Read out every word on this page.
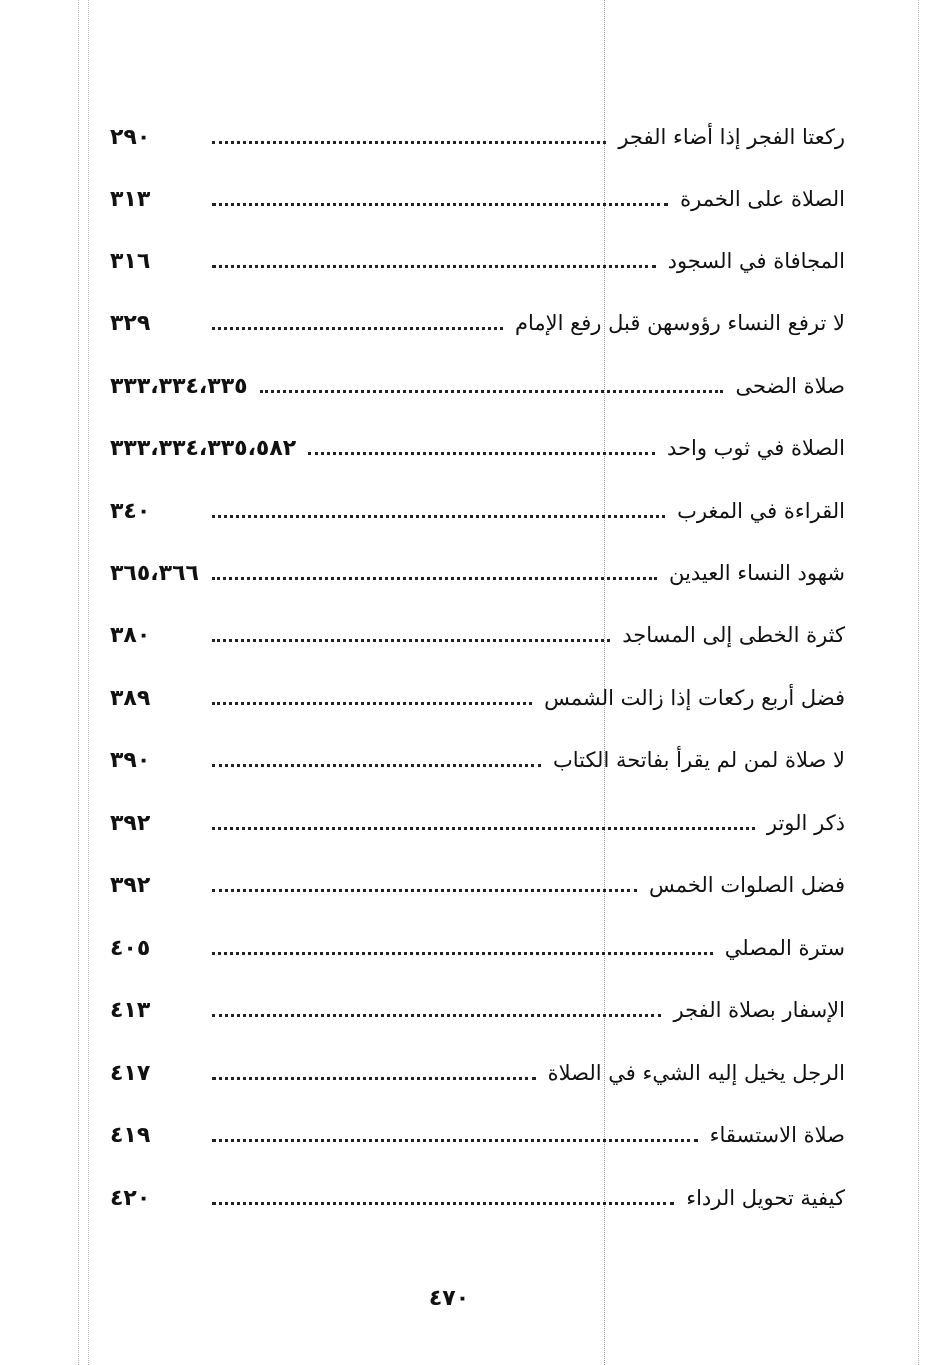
ركعتا الفجر إذا أضاء الفجر
٢٩٠
الصلاة على الخمرة
٣١٣
المجافاة في السجود
٣١٦
لا ترفع النساء رؤوسهن قبل رفع الإمام
٣٢٩
صلاة الضحى
٣٣٣،٣٣٤،٣٣٥
الصلاة في ثوب واحد
٣٣٣،٣٣٤،٣٣٥،٥٨٢
القراءة في المغرب
٣٤٠
شهود النساء العيدين
٣٦٥،٣٦٦
كثرة الخطى إلى المساجد
٣٨٠
فضل أربع ركعات إذا زالت الشمس
٣٨٩
لا صلاة لمن لم يقرأ بفاتحة الكتاب
٣٩٠
ذكر الوتر
٣٩٢
فضل الصلوات الخمس
٣٩٢
سترة المصلي
٤٠٥
الإسفار بصلاة الفجر
٤١٣
الرجل يخيل إليه الشيء في الصلاة
٤١٧
صلاة الاستسقاء
٤١٩
كيفية تحويل الرداء
٤٢٠
٤٧٠
